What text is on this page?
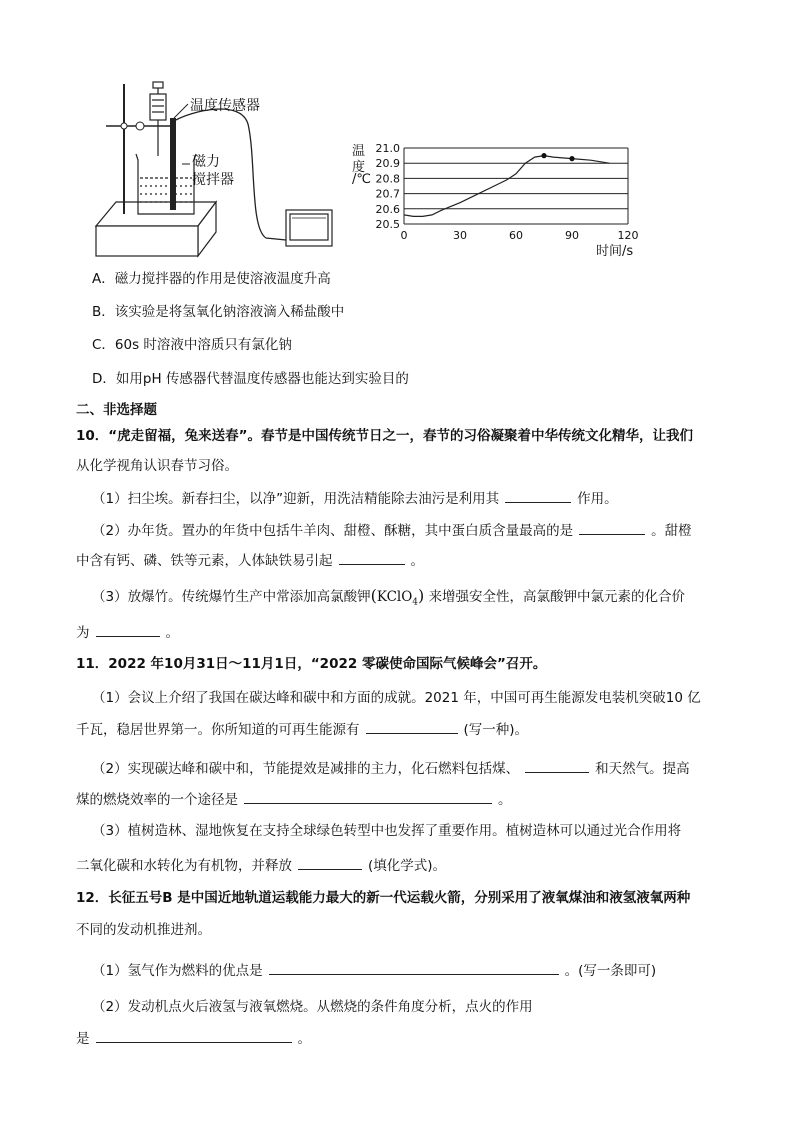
温度传感器
磁力
搅拌器
20.5
20.6
20.7
20.8
20.9
21.0
0	30	60	90	120
温
度
/℃
时间/s
A．磁力搅拌器的作用是使溶液温度升高
B．该实验是将氢氧化钠溶液滴入稀盐酸中
C．60s 时溶液中溶质只有氯化钠
D．如用pH 传感器代替温度传感器也能达到实验目的
二、非选择题
10．“虎走留福，兔来送春”。春节是中国传统节日之一，春节的习俗凝聚着中华传统文化精华，让我们
从化学视角认识春节习俗。
（1）扫尘埃。新春扫尘，以净”迎新，用洗洁精能除去油污是利用其	作用。
（2）办年货。置办的年货中包括牛羊肉、甜橙、酥糖，其中蛋白质含量最高的是	。甜橙
中含有钙、磷、铁等元素，人体缺铁易引起	。
（3）放爆竹。传统爆竹生产中常添加高氯酸钾(KClO$_4$) 来增强安全性，高氯酸钾中氯元素的化合价
为	。
11．2022 年10月31日～11月1日，“2022 零碳使命国际气候峰会”召开。
（1）会议上介绍了我国在碳达峰和碳中和方面的成就。2021 年，中国可再生能源发电装机突破10 亿
千瓦，稳居世界第一。你所知道的可再生能源有	(写一种)。
（2）实现碳达峰和碳中和，节能提效是减排的主力，化石燃料包括煤、	和天然气。提高
煤的燃烧效率的一个途径是	。
（3）植树造林、湿地恢复在支持全球绿色转型中也发挥了重要作用。植树造林可以通过光合作用将
二氧化碳和水转化为有机物，并释放	(填化学式)。
12．长征五号B 是中国近地轨道运载能力最大的新一代运载火箭，分别采用了液氧煤油和液氢液氧两种
不同的发动机推进剂。
（1）氢气作为燃料的优点是	。(写一条即可)
（2）发动机点火后液氢与液氧燃烧。从燃烧的条件角度分析，点火的作用
是	。
